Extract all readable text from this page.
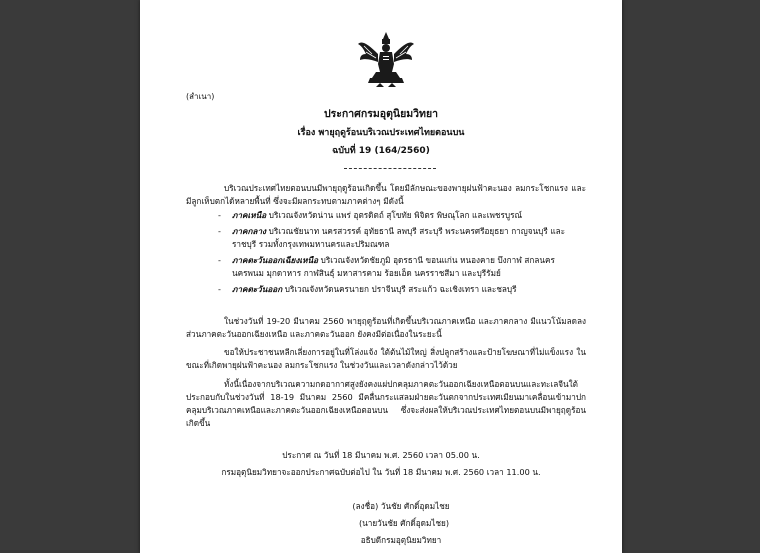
(สำเนา)
ประกาศกรมอุตุนิยมวิทยา
เรื่อง พายุฤดูร้อนบริเวณประเทศไทยตอนบน
ฉบับที่ 19 (164/2560)
บริเวณประเทศไทยตอนบนมีพายุฤดูร้อนเกิดขึ้น โดยมีลักษณะของพายุฝนฟ้าคะนอง ลมกระโชกแรง และมีลูกเห็บตกได้หลายพื้นที่ ซึ่งจะมีผลกระทบตามภาคต่างๆ มีดังนี้
- ภาคเหนือ บริเวณจังหวัดน่าน แพร่ อุตรดิตถ์ สุโขทัย พิจิตร พิษณุโลก และเพชรบูรณ์
- ภาคกลาง บริเวณชัยนาท นครสวรรค์ อุทัยธานี ลพบุรี สระบุรี พระนครศรีอยุธยา กาญจนบุรี และราชบุรี รวมทั้งกรุงเทพมหานครและปริมณฑล
- ภาคตะวันออกเฉียงเหนือ บริเวณจังหวัดชัยภูมิ อุดรธานี ขอนแก่น หนองคาย บึงกาฬ สกลนคร นครพนม มุกดาหาร กาฬสินธุ์ มหาสารคาม ร้อยเอ็ด นครราชสีมา และบุรีรัมย์
- ภาคตะวันออก บริเวณจังหวัดนครนายก ปราจีนบุรี สระแก้ว ฉะเชิงเทรา และชลบุรี
ในช่วงวันที่ 19-20 มีนาคม 2560 พายุฤดูร้อนที่เกิดขึ้นบริเวณภาคเหนือ และภาคกลาง มีแนวโน้มลดลง ส่วนภาคตะวันออกเฉียงเหนือ และภาคตะวันออก ยังคงมีต่อเนื่องในระยะนี้
ขอให้ประชาชนหลีกเลี่ยงการอยู่ในที่โล่งแจ้ง ใต้ต้นไม้ใหญ่ สิ่งปลูกสร้างและป้ายโฆษณาที่ไม่แข็งแรง ในขณะที่เกิดพายุฝนฟ้าคะนอง ลมกระโชกแรง ในช่วงวันและเวลาดังกล่าวไว้ด้วย
ทั้งนี้เนื่องจากบริเวณความกดอากาศสูงยังคงแผ่ปกคลุมภาคตะวันออกเฉียงเหนือตอนบนและทะเลจีนใต้ ประกอบกับในช่วงวันที่ 18-19 มีนาคม 2560 มีคลื่นกระแสลมฝ่ายตะวันตกจากประเทศเมียนมาเคลื่อนเข้ามาปกคลุมบริเวณภาคเหนือและภาคตะวันออกเฉียงเหนือตอนบน ซึ่งจะส่งผลให้บริเวณประเทศไทยตอนบนมีพายุฤดูร้อนเกิดขึ้น
ประกาศ ณ วันที่ 18 มีนาคม พ.ศ. 2560 เวลา 05.00 น.
กรมอุตุนิยมวิทยาจะออกประกาศฉบับต่อไป ใน วันที่ 18 มีนาคม พ.ศ. 2560 เวลา 11.00 น.
(ลงชื่อ) วันชัย ศักดิ์อุดมไชย
(นายวันชัย ศักดิ์อุดมไชย)
อธิบดีกรมอุตุนิยมวิทยา
